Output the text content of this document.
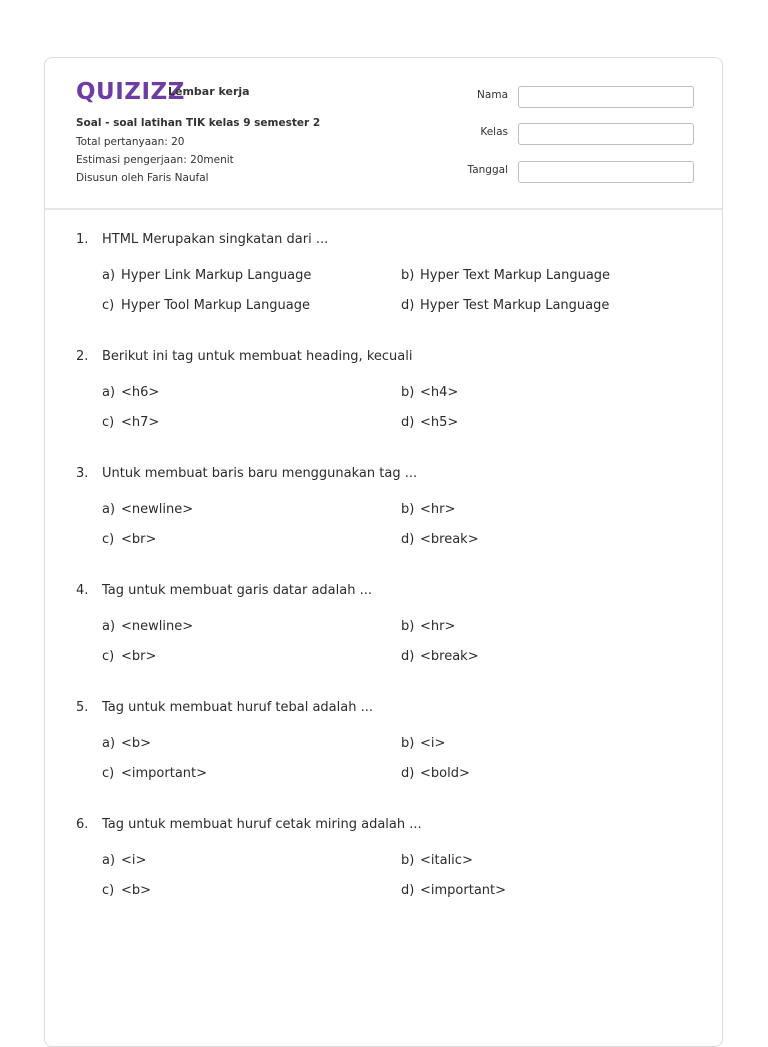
QUIZIZZ
Lembar kerja
Soal - soal latihan TIK kelas 9 semester 2
Total pertanyaan: 20
Estimasi pengerjaan: 20menit
Disusun oleh Faris Naufal
Nama
Kelas
Tanggal
1. HTML Merupakan singkatan dari ...
a) Hyper Link Markup Language	b) Hyper Text Markup Language
c) Hyper Tool Markup Language	d) Hyper Test Markup Language
2. Berikut ini tag untuk membuat heading, kecuali
a) <h6>	b) <h4>
c) <h7>	d) <h5>
3. Untuk membuat baris baru menggunakan tag ...
a) <newline>	b) <hr>
c) <br>	d) <break>
4. Tag untuk membuat garis datar adalah ...
a) <newline>	b) <hr>
c) <br>	d) <break>
5. Tag untuk membuat huruf tebal adalah ...
a) <b>	b) <i>
c) <important>	d) <bold>
6. Tag untuk membuat huruf cetak miring adalah ...
a) <i>	b) <italic>
c) <b>	d) <important>
